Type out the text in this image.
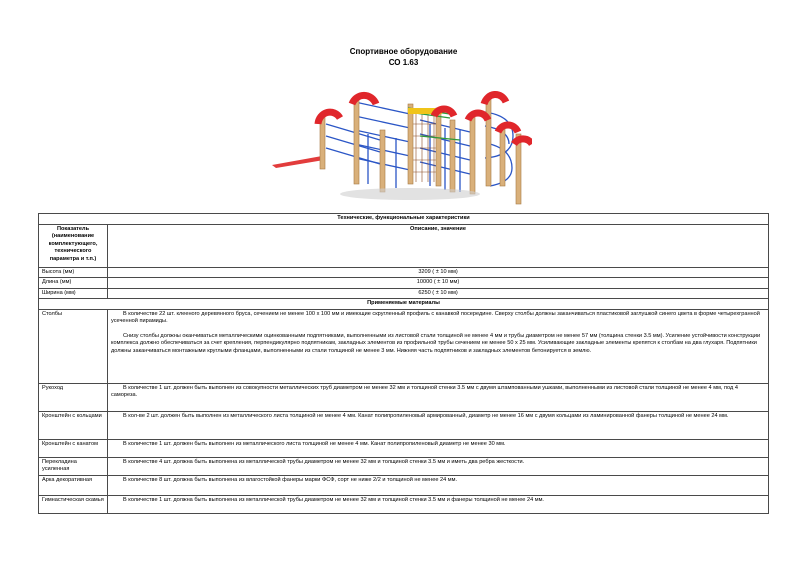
Спортивное оборудование
СО 1.63
Технические, функциональные характеристики	
Показатель (наименование комплектующего, технического параметра и т.п.)	Описание, значение
Высота (мм)	3209 ( ± 10 мм)
Длина (мм)	10000 ( ± 10 мм)
Ширина (мм)	6250 ( ± 10 мм)
Применяемые материалы	
Столбы	В количестве 22 шт. клееного деревянного бруса, сечением не менее 100 х 100 мм и имеющие скругленный профиль с канавкой посередине. Сверху столбы должны заканчиваться пластиковой заглушкой синего цвета в форме четырехгранной усеченной пирамиды.

Снизу столбы должны оканчиваться металлическими оцинкованными подпятниками, выполненными из листовой стали толщиной не менее 4 мм и трубы диаметром не менее 57 мм (толщина стенки 3.5 мм). Усиление устойчивости конструкции комплекса должно обеспечиваться за счет крепления, перпендикулярно подпятникам, закладных элементов из профильной трубы сечением не менее 50 х 25 мм. Усиливающие закладные элементы крепятся к столбам на два глухаря. Подпятники должны заканчиваться монтажными круглыми фланцами, выполненными из стали толщиной не менее 3 мм. Нижняя часть подпятников и закладных элементов бетонируется в землю.

Рукоход	В количестве 1 шт. должен быть выполнен из совокупности металлических труб диаметром не менее 32 мм и толщиной стенки 3.5 мм с двумя штампованными ушками, выполненными из листовой стали толщиной не менее 4 мм, под 4 самореза.

Кронштейн с кольцами	В кол-ве 2 шт. должен быть выполнен из металлического листа толщиной не менее 4 мм. Канат полипропиленовый армированный, диаметр не менее 16 мм с двумя кольцами из ламинированной фанеры толщиной не менее 24 мм.

Кронштейн с канатом	В количестве 1 шт. должен быть выполнен из металлического листа толщиной не менее 4 мм. Канат полипропиленовый диаметр не менее 30 мм.

Перекладина усиленная	В количестве 4 шт. должна быть выполнена из металлической трубы диаметром не менее 32 мм и толщиной стенки 3.5 мм и иметь два ребра жесткости.

Арка декоративная	В количестве 8 шт. должна быть выполнена из влагостойкой фанеры марки ФСФ, сорт не ниже 2/2 и толщиной не менее 24 мм.

Гимнастическая скамья	В количестве 1 шт. должна быть выполнена из металлической трубы диаметром не менее 32 мм и толщиной стенки 3.5 мм и фанеры толщиной не менее 24 мм.
